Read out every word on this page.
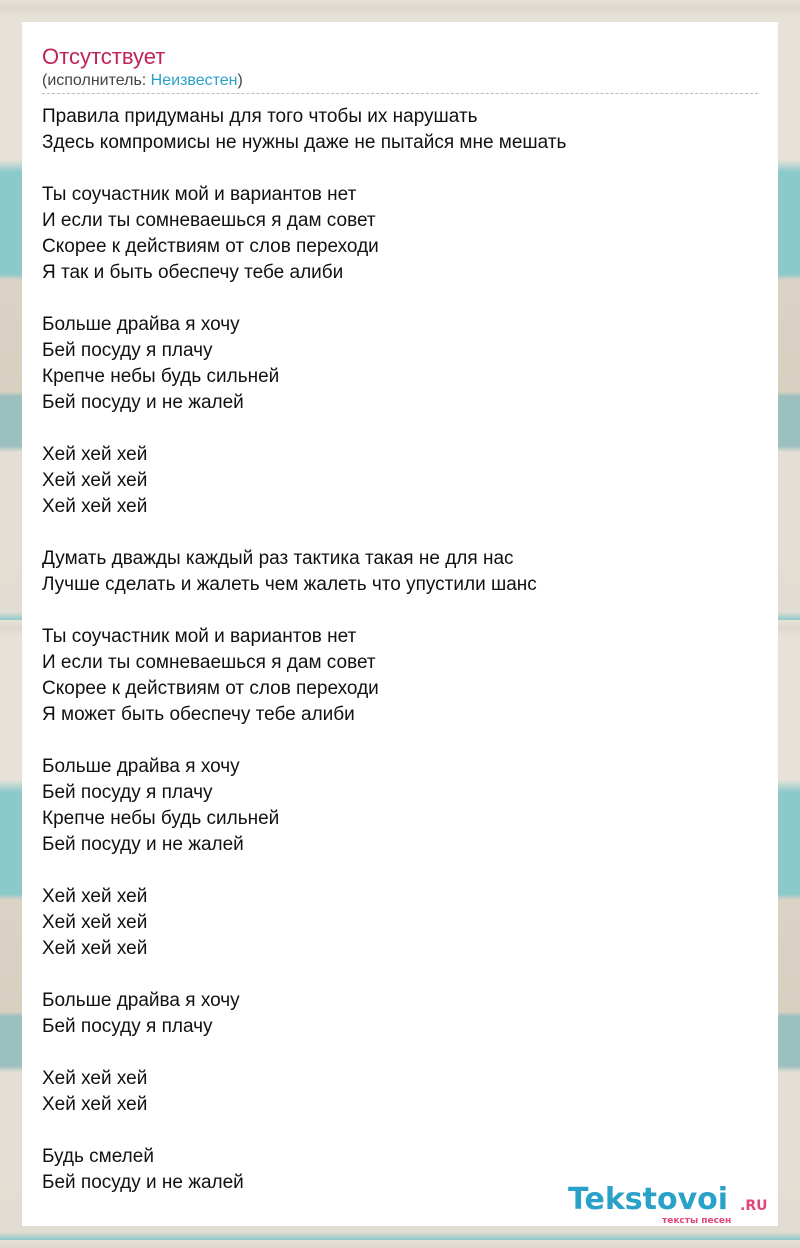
Отсутствует
(исполнитель: Неизвестен)

Правила придуманы для того чтобы их нарушать
Здесь компромисы не нужны даже не пытайся мне мешать

Ты соучастник мой и вариантов нет
И если ты сомневаешься я дам совет
Скорее к действиям от слов переходи
Я так и быть обеспечу тебе алиби

Больше драйва я хочу
Бей посуду я плачу
Крепче небы будь сильней
Бей посуду и не жалей

Хей хей хей
Хей хей хей
Хей хей хей

Думать дважды каждый раз тактика такая не для нас
Лучше сделать и жалеть чем жалеть что упустили шанс

Ты соучастник мой и вариантов нет
И если ты сомневаешься я дам совет
Скорее к действиям от слов переходи
Я может быть обеспечу тебе алиби

Больше драйва я хочу
Бей посуду я плачу
Крепче небы будь сильней
Бей посуду и не жалей

Хей хей хей
Хей хей хей
Хей хей хей

Больше драйва я хочу
Бей посуду я плачу

Хей хей хей
Хей хей хей

Будь смелей
Бей посуду и не жалей	Tekstovoi .RU
тексты песен
